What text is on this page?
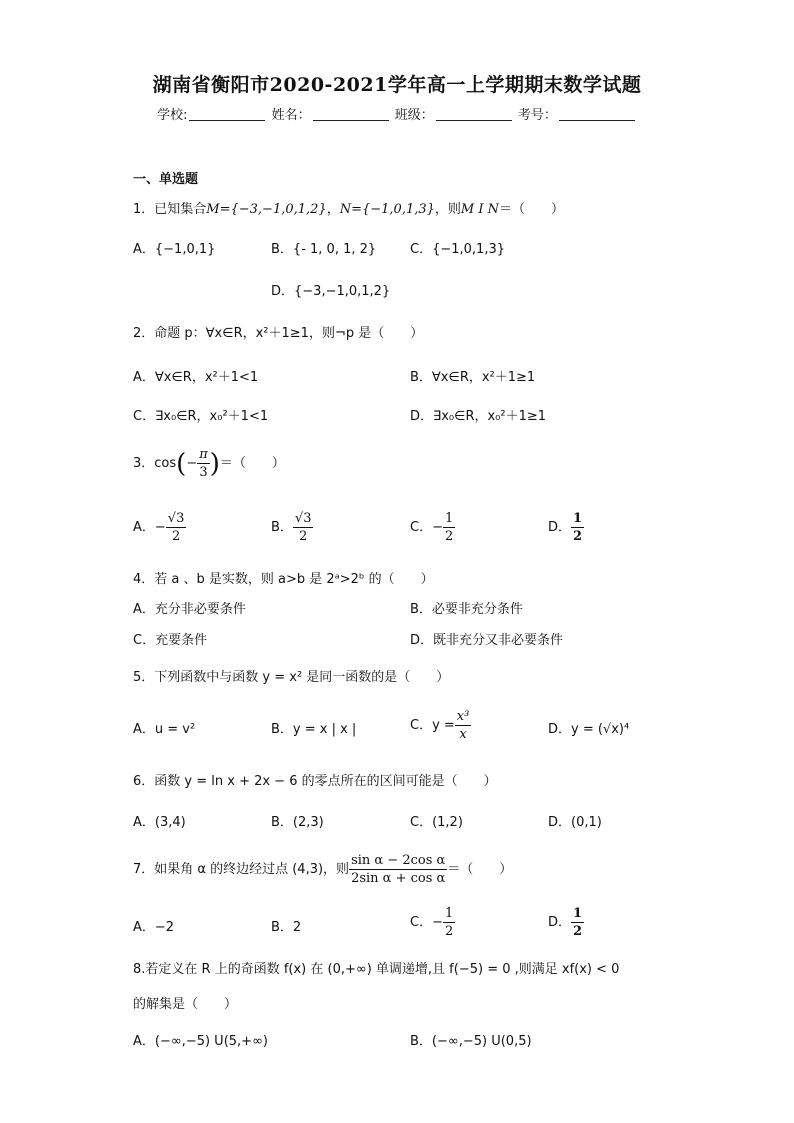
湖南省衡阳市2020-2021学年高一上学期期末数学试题
学校:	姓名：	班级：	考号：
一、单选题
1．已知集合M={−3,−1,0,1,2}，N={−1,0,1,3}，则M I N＝（　　）
A．{−1,0,1}	B．{- 1, 0, 1, 2}	C．{−1,0,1,3}
D．{−3,−1,0,1,2}
2．命题 p：∀x∈R，x²＋1≥1，则¬p 是（　　）
A．∀x∈R，x²＋1<1	B．∀x∈R，x²＋1≥1
C．∃x₀∈R，x₀²＋1<1	D．∃x₀∈R，x₀²＋1≥1
3．$\cos(- \frac{\pi}{3}$ )＝（　　）
A．− $\frac{√3}{2}$	B． $\frac{√3}{2}$	C．− $\frac{1}{2}$	D． $\frac{1}{2}$
4．若 a 、b 是实数，则 a>b 是 2ᵃ>2ᵇ 的（　　）
A．充分非必要条件	B．必要非充分条件
C．充要条件	D．既非充分又非必要条件
5．下列函数中与函数 y = x² 是同一函数的是（　　）
A．u = v²	B．y = x | x |	C．$y = \frac{\text{x³}}{x}$	D．y = (√x)⁴
6．函数 y = ln x + 2x − 6 的零点所在的区间可能是（　　）
A．(3,4)	B．(2,3)	C．(1,2)	D．(0,1)
7．如果角 α 的终边经过点 (4,3)，则 $\frac{\text{sin α − 2cos α}}{\text{2sin α + cos α}}$ ＝（　　）
A．−2	B．2	C．− $\frac{1}{2}$	D． $\frac{1}{2}$
8.若定义在 R 上的奇函数 f(x) 在 (0,+∞) 单调递增,且 f(−5) = 0 ,则满足 xf(x) < 0
的解集是（　　）
A．(−∞,−5) U(5,+∞)	B．(−∞,−5) U(0,5)
